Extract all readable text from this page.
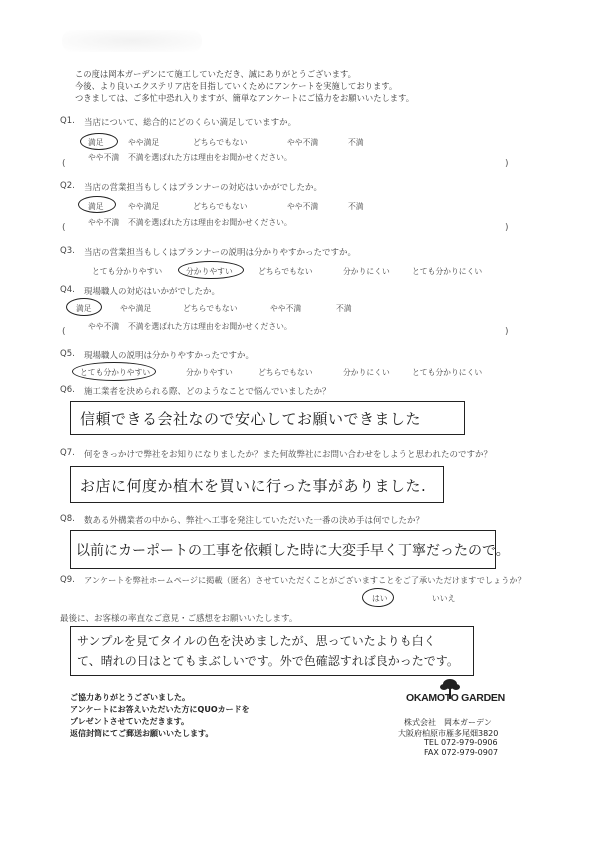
この度は岡本ガーデンにて施工していただき、誠にありがとうございます。
今後、より良いエクステリア店を目指していくためにアンケートを実施しております。
つきましては、ご多忙中恐れ入りますが、簡単なアンケートにご協力をお願いいたします。
Q1. 当店について、総合的にどのくらい満足していますか。
満足	やや満足	どちらでもない	やや不満	不満
やや不満 不満を選ばれた方は理由をお聞かせください。
(	)
Q2. 当店の営業担当もしくはプランナーの対応はいかがでしたか。
満足	やや満足	どちらでもない	やや不満	不満
やや不満 不満を選ばれた方は理由をお聞かせください。
(	)
Q3. 当店の営業担当もしくはプランナーの説明は分かりやすかったですか。
とても分かりやすい	分かりやすい	どちらでもない	分かりにくい	とても分かりにくい
Q4. 現場職人の対応はいかがでしたか。
満足	やや満足	どちらでもない	やや不満	不満
やや不満 不満を選ばれた方は理由をお聞かせください。
(	)
Q5. 現場職人の説明は分かりやすかったですか。
とても分かりやすい	分かりやすい	どちらでもない	分かりにくい	とても分かりにくい
Q6. 施工業者を決められる際、どのようなことで悩んでいましたか？
信頼できる会社なので安心してお願いできました
Q7. 何をきっかけで弊社をお知りになりましたか？また何故弊社にお問い合わせをしようと思われたのですか？
お店に何度か植木を買いに行った事がありました.
Q8. 数ある外構業者の中から、弊社へ工事を発注していただいた一番の決め手は何でしたか？
以前にカーポートの工事を依頼した時に大変手早く丁寧だったので。
Q9. アンケートを弊社ホームページに掲載（匿名）させていただくことがございますことをご了承いただけますでしょうか？
はい	いいえ
最後に、お客様の率直なご意見・ご感想をお願いいたします。
サンプルを見てタイルの色を決めましたが、思っていたよりも白く
て、晴れの日はとてもまぶしいです。外で色確認すれば良かったです。
ご協力ありがとうございました。
アンケートにお答えいただいた方にQUOカードを
プレゼントさせていただきます。
返信封筒にてご郵送お願いいたします。
OKAMOTO GARDEN
株式会社　岡本ガーデン
大阪府柏原市雁多尾畑3820
TEL 072-979-0906
FAX 072-979-0907
